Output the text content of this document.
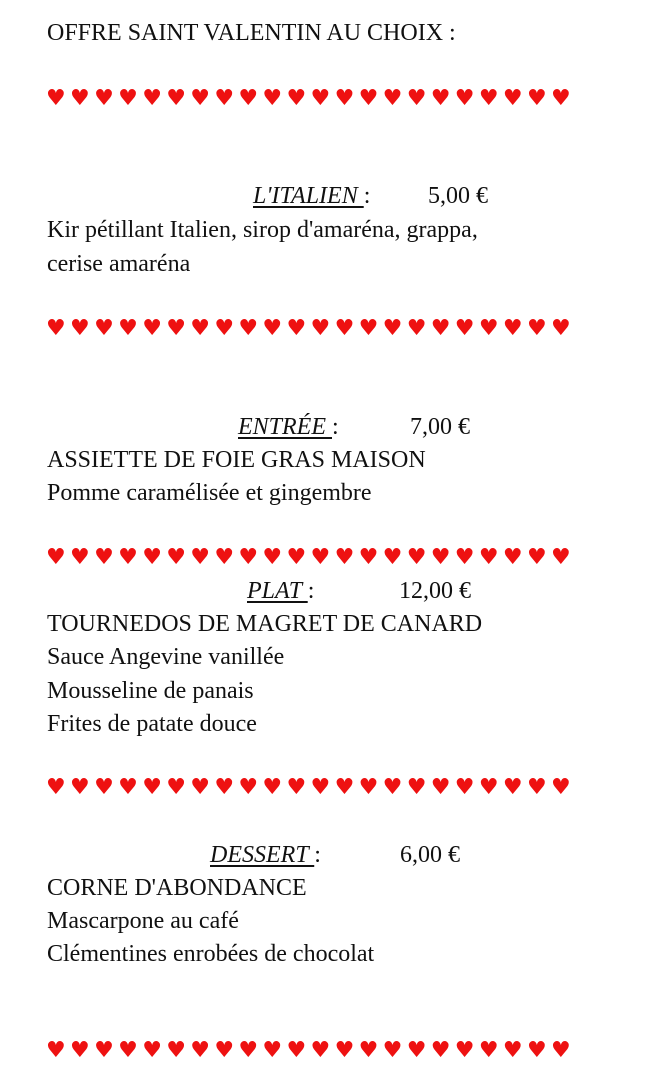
OFFRE SAINT VALENTIN AU CHOIX :
♥ ♥ ♥ ♥ ♥ ♥ ♥ ♥ ♥ ♥ ♥ ♥ ♥ ♥ ♥ ♥ ♥ ♥ ♥ ♥ ♥ ♥
L'ITALIEN : 5,00 €
Kir pétillant Italien, sirop d'amaréna, grappa,
cerise amaréna
♥ ♥ ♥ ♥ ♥ ♥ ♥ ♥ ♥ ♥ ♥ ♥ ♥ ♥ ♥ ♥ ♥ ♥ ♥ ♥ ♥ ♥
ENTRÉE :	7,00 €
ASSIETTE DE FOIE GRAS MAISON
Pomme caramélisée et gingembre
♥ ♥ ♥ ♥ ♥ ♥ ♥ ♥ ♥ ♥ ♥ ♥ ♥ ♥ ♥ ♥ ♥ ♥ ♥ ♥ ♥ ♥
PLAT :	12,00 €
TOURNEDOS DE MAGRET DE CANARD
Sauce Angevine vanillée
Mousseline de panais
Frites de patate douce
♥ ♥ ♥ ♥ ♥ ♥ ♥ ♥ ♥ ♥ ♥ ♥ ♥ ♥ ♥ ♥ ♥ ♥ ♥ ♥ ♥ ♥
DESSERT :	6,00 €
CORNE D'ABONDANCE
Mascarpone au café
Clémentines enrobées de chocolat
♥ ♥ ♥ ♥ ♥ ♥ ♥ ♥ ♥ ♥ ♥ ♥ ♥ ♥ ♥ ♥ ♥ ♥ ♥ ♥ ♥ ♥
